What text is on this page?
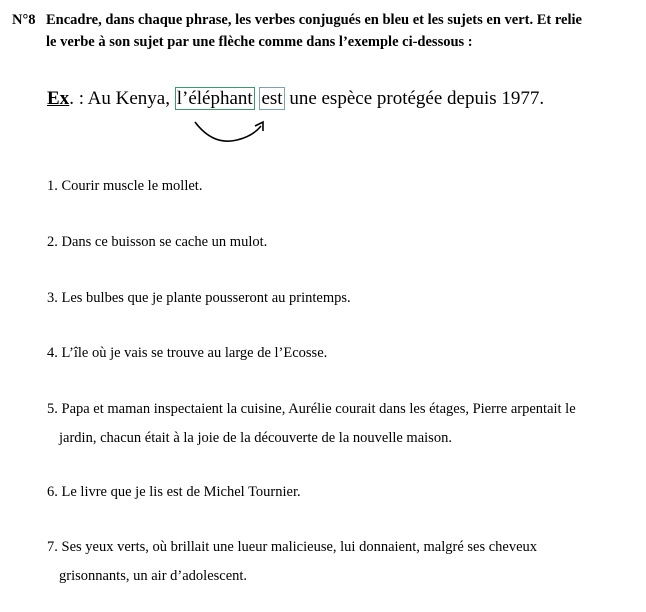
N°8 Encadre, dans chaque phrase, les verbes conjugués en bleu et les sujets en vert. Et relie
le verbe à son sujet par une flèche comme dans l’exemple ci-dessous :
Ex. : Au Kenya, l’éléphant est une espèce protégée depuis 1977.
1. Courir muscle le mollet.
2. Dans ce buisson se cache un mulot.
3. Les bulbes que je plante pousseront au printemps.
4. L’île où je vais se trouve au large de l’Ecosse.
5. Papa et maman inspectaient la cuisine, Aurélie courait dans les étages, Pierre arpentait le
jardin, chacun était à la joie de la découverte de la nouvelle maison.
6. Le livre que je lis est de Michel Tournier.
7. Ses yeux verts, où brillait une lueur malicieuse, lui donnaient, malgré ses cheveux
grisonnants, un air d’adolescent.
